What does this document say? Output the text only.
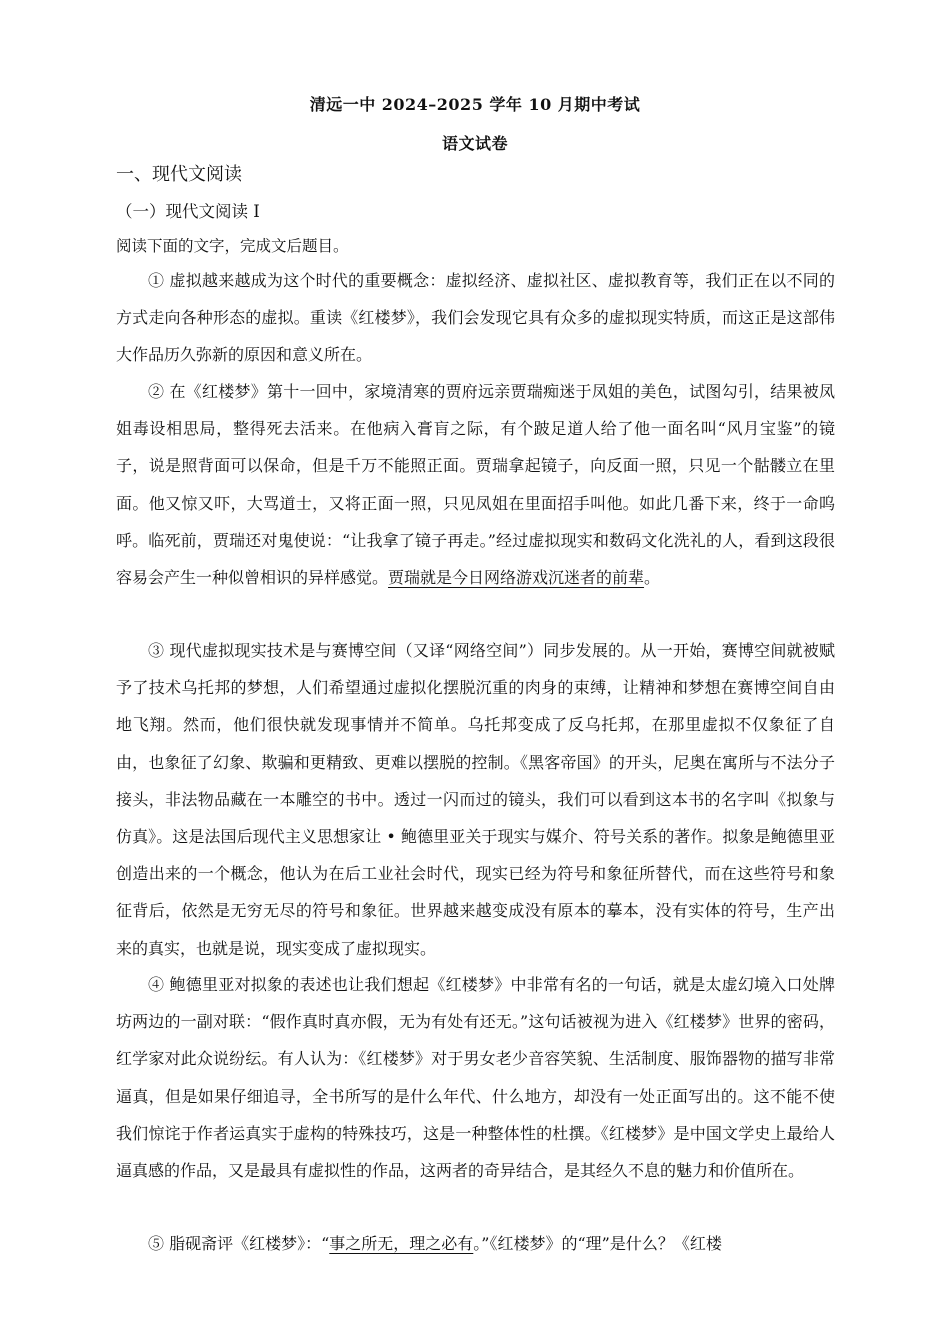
清远一中 2024–2025 学年 10 月期中考试
语文试卷
一、现代文阅读
（一）现代文阅读 I
阅读下面的文字，完成文后题目。

① 虚拟越来越成为这个时代的重要概念：虚拟经济、虚拟社区、虚拟教育等，我们正在以不同的方式走向各种形态的虚拟。重读《红楼梦》，我们会发现它具有众多的虚拟现实特质，而这正是这部伟大作品历久弥新的原因和意义所在。

② 在《红楼梦》第十一回中，家境清寒的贾府远亲贾瑞痴迷于凤姐的美色，试图勾引，结果被凤姐毒设相思局，整得死去活来。在他病入膏肓之际，有个跛足道人给了他一面名叫“风月宝鉴”的镜子，说是照背面可以保命，但是千万不能照正面。贾瑞拿起镜子，向反面一照，只见一个骷髅立在里面。他又惊又吓，大骂道士，又将正面一照，只见凤姐在里面招手叫他。如此几番下来，终于一命呜呼。临死前，贾瑞还对鬼使说：“让我拿了镜子再走。”经过虚拟现实和数码文化洗礼的人，看到这段很容易会产生一种似曾相识的异样感觉。贾瑞就是今日网络游戏沉迷者的前辈。

③ 现代虚拟现实技术是与赛博空间（又译“网络空间”）同步发展的。从一开始，赛博空间就被赋予了技术乌托邦的梦想，人们希望通过虚拟化摆脱沉重的肉身的束缚，让精神和梦想在赛博空间自由地飞翔。然而，他们很快就发现事情并不简单。乌托邦变成了反乌托邦，在那里虚拟不仅象征了自由，也象征了幻象、欺骗和更精致、更难以摆脱的控制。《黑客帝国》的开头，尼奥在寓所与不法分子接头，非法物品藏在一本雕空的书中。透过一闪而过的镜头，我们可以看到这本书的名字叫《拟象与仿真》。这是法国后现代主义思想家让 • 鲍德里亚关于现实与媒介、符号关系的著作。拟象是鲍德里亚创造出来的一个概念，他认为在后工业社会时代，现实已经为符号和象征所替代，而在这些符号和象征背后，依然是无穷无尽的符号和象征。世界越来越变成没有原本的摹本，没有实体的符号，生产出来的真实，也就是说，现实变成了虚拟现实。

④ 鲍德里亚对拟象的表述也让我们想起《红楼梦》中非常有名的一句话，就是太虚幻境入口处牌坊两边的一副对联：“假作真时真亦假，无为有处有还无。”这句话被视为进入《红楼梦》世界的密码，红学家对此众说纷纭。有人认为：《红楼梦》对于男女老少音容笑貌、生活制度、服饰器物的描写非常逼真，但是如果仔细追寻，全书所写的是什么年代、什么地方，却没有一处正面写出的。这不能不使我们惊诧于作者运真实于虚构的特殊技巧，这是一种整体性的杜撰。《红楼梦》是中国文学史上最给人逼真感的作品，又是最具有虚拟性的作品，这两者的奇异结合，是其经久不息的魅力和价值所在。

⑤ 脂砚斋评《红楼梦》：“事之所无，理之必有。”《红楼梦》的“理”是什么？《红楼
